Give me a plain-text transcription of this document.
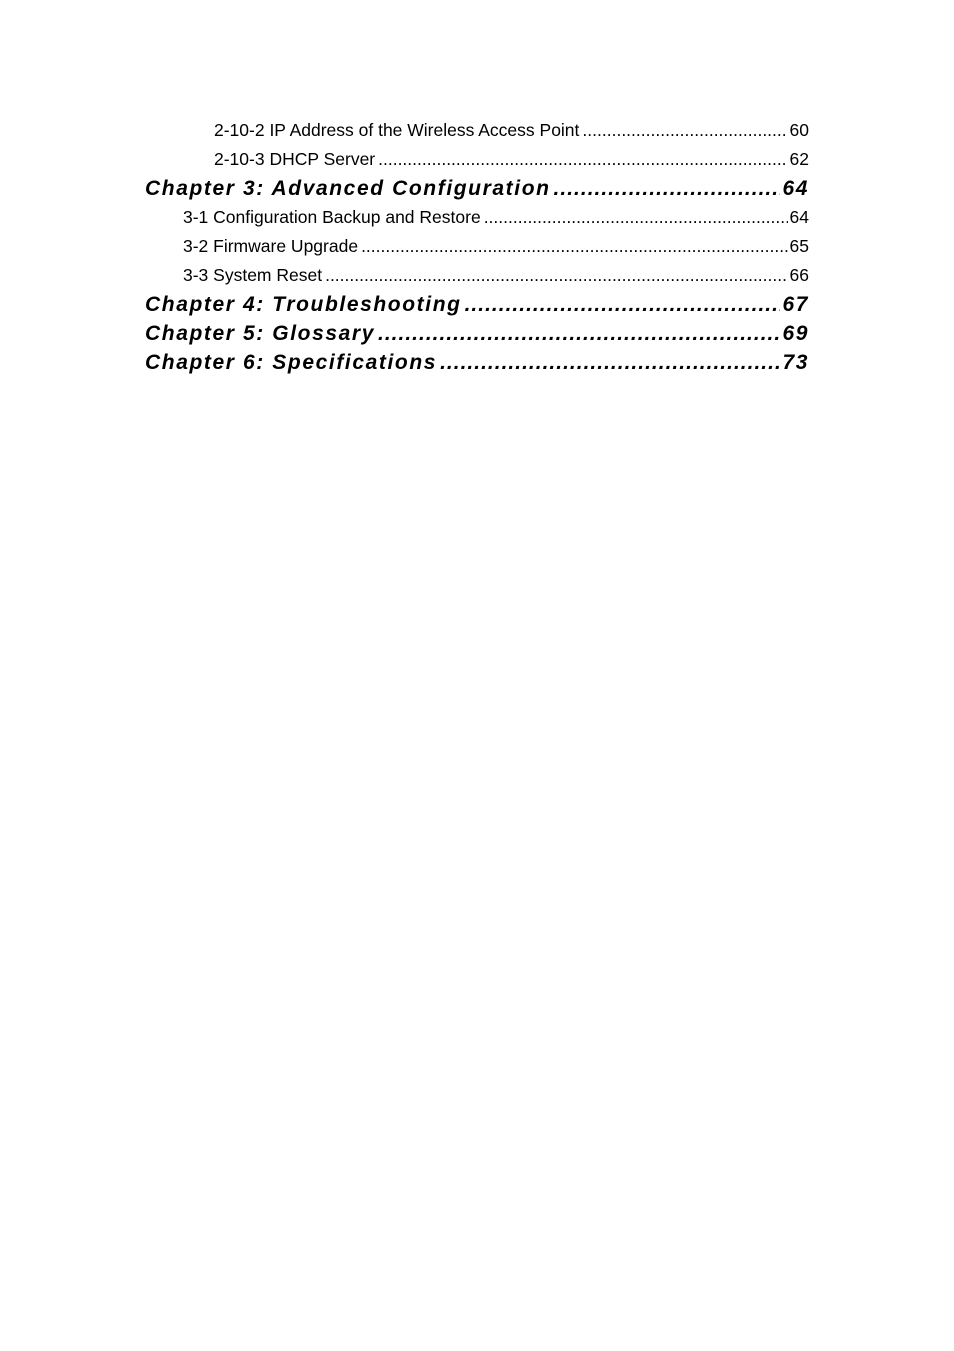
2-10-2 IP Address of the Wireless Access Point .....	60
2-10-3 DHCP Server .....	62
Chapter 3: Advanced Configuration .....	64
3-1 Configuration Backup and Restore .....	64
3-2 Firmware Upgrade .....	65
3-3 System Reset .....	66
Chapter 4: Troubleshooting .....	67
Chapter 5: Glossary .....	69
Chapter 6: Specifications .....	73
